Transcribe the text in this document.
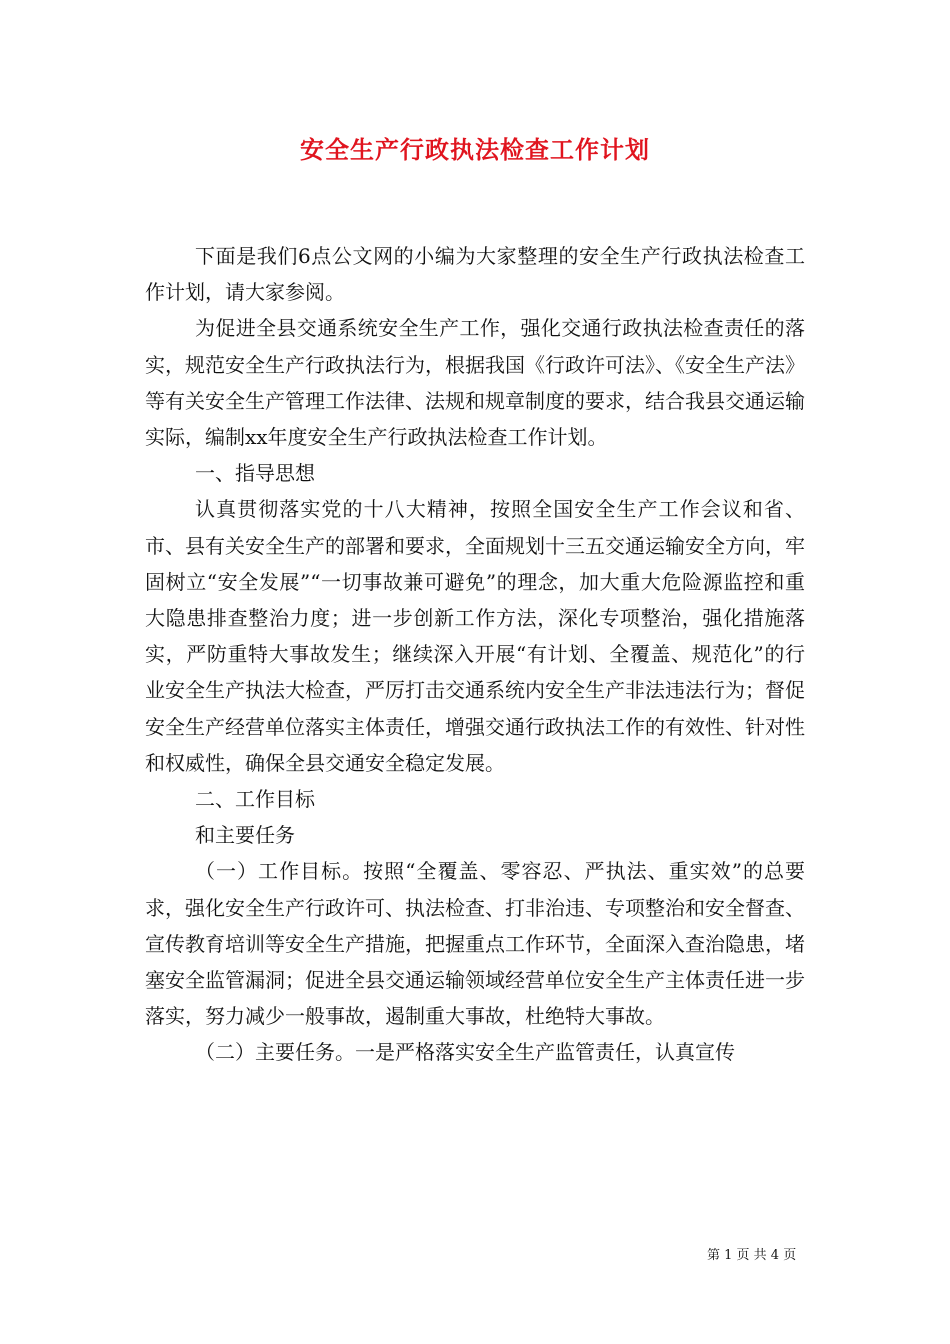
安全生产行政执法检查工作计划

下面是我们6点公文网的小编为大家整理的安全生产行政执法检查工作计划，请大家参阅。

为促进全县交通系统安全生产工作，强化交通行政执法检查责任的落实，规范安全生产行政执法行为，根据我国《行政许可法》、《安全生产法》等有关安全生产管理工作法律、法规和规章制度的要求，结合我县交通运输实际，编制xx年度安全生产行政执法检查工作计划。

一、指导思想

认真贯彻落实党的十八大精神，按照全国安全生产工作会议和省、市、县有关安全生产的部署和要求，全面规划十三五交通运输安全方向，牢固树立“安全发展”“一切事故兼可避免”的理念，加大重大危险源监控和重大隐患排查整治力度；进一步创新工作方法，深化专项整治，强化措施落实，严防重特大事故发生；继续深入开展“有计划、全覆盖、规范化”的行业安全生产执法大检查，严厉打击交通系统内安全生产非法违法行为；督促安全生产经营单位落实主体责任，增强交通行政执法工作的有效性、针对性和权威性，确保全县交通安全稳定发展。

二、工作目标

和主要任务

（一）工作目标。按照“全覆盖、零容忍、严执法、重实效”的总要求，强化安全生产行政许可、执法检查、打非治违、专项整治和安全督查、宣传教育培训等安全生产措施，把握重点工作环节，全面深入查治隐患，堵塞安全监管漏洞；促进全县交通运输领域经营单位安全生产主体责任进一步落实，努力减少一般事故，遏制重大事故，杜绝特大事故。

（二）主要任务。一是严格落实安全生产监管责任，认真宣传

第 1 页 共 4 页
